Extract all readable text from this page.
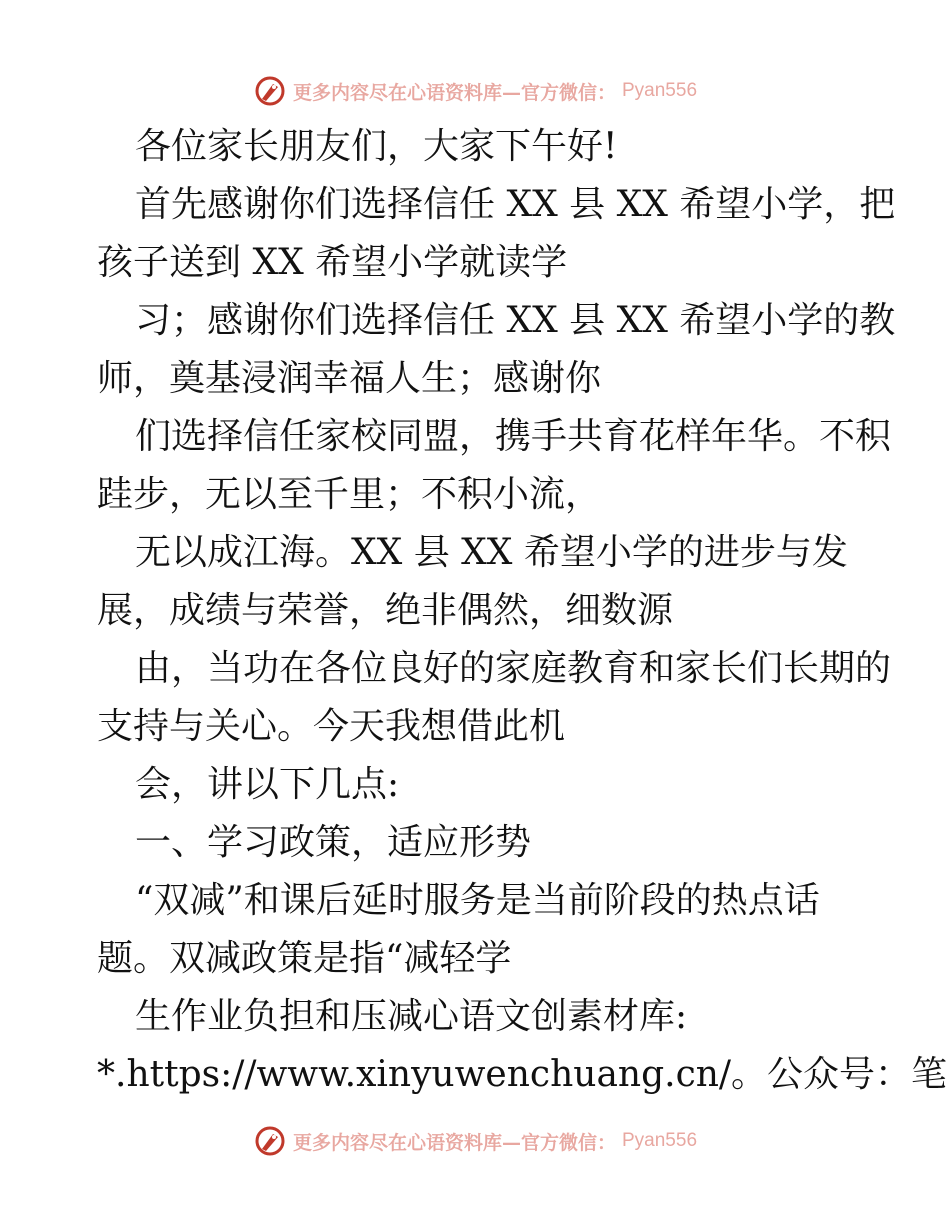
更多内容尽在心语资料库—官方微信： Pyan556
各位家长朋友们，大家下午好!
首先感谢你们选择信任 XX 县 XX 希望小学，把
孩子送到 XX 希望小学就读学
习；感谢你们选择信任 XX 县 XX 希望小学的教
师，奠基浸润幸福人生；感谢你
们选择信任家校同盟，携手共育花样年华。不积
跬步，无以至千里；不积小流，
无以成江海。XX 县 XX 希望小学的进步与发
展，成绩与荣誉，绝非偶然，细数源
由，当功在各位良好的家庭教育和家长们长期的
支持与关心。今天我想借此机
会，讲以下几点:
一、学习政策，适应形势
“双减”和课后延时服务是当前阶段的热点话
题。双减政策是指“减轻学
生作业负担和压减心语文创素材库:
*.https://www.xinyuwenchuang.cn/。公众号：笔
更多内容尽在心语资料库—官方微信： Pyan556
